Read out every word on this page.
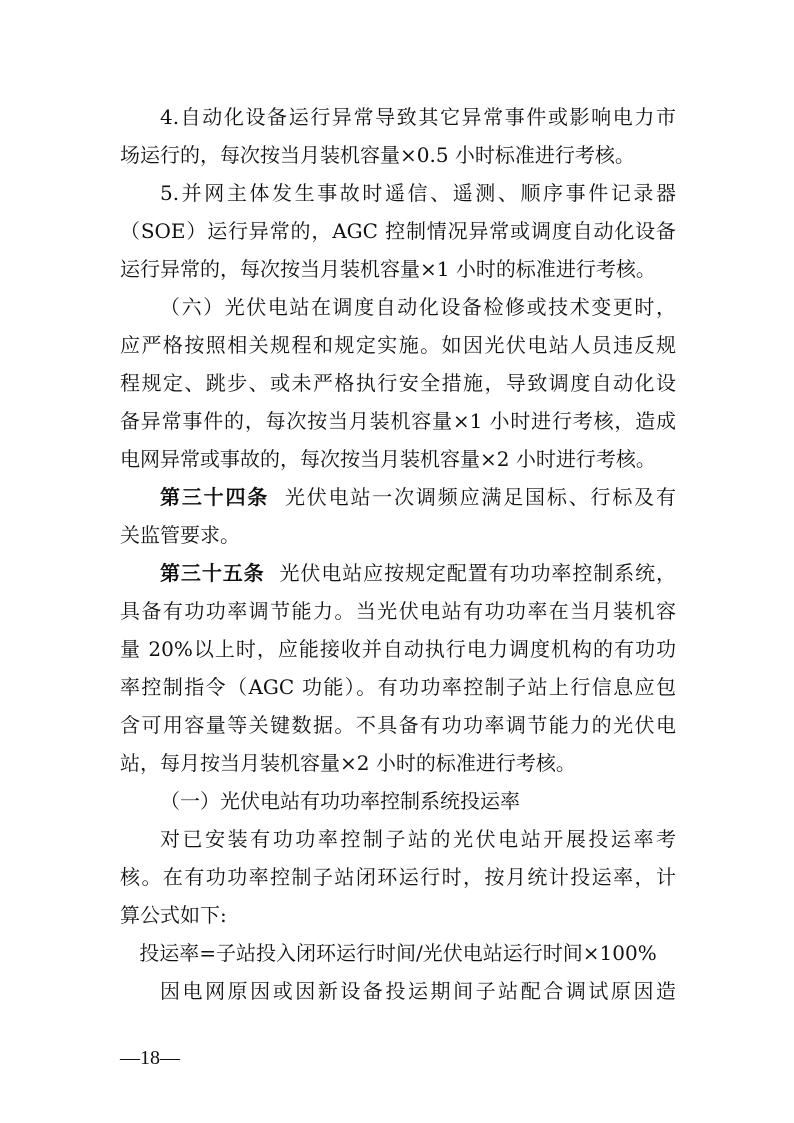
4.自动化设备运行异常导致其它异常事件或影响电力市
场运行的，每次按当月装机容量×0.5 小时标准进行考核。
5.并网主体发生事故时遥信、遥测、顺序事件记录器
（SOE）运行异常的，AGC 控制情况异常或调度自动化设备
运行异常的，每次按当月装机容量×1 小时的标准进行考核。
（六）光伏电站在调度自动化设备检修或技术变更时，
应严格按照相关规程和规定实施。如因光伏电站人员违反规
程规定、跳步、或未严格执行安全措施，导致调度自动化设
备异常事件的，每次按当月装机容量×1 小时进行考核，造成
电网异常或事故的，每次按当月装机容量×2 小时进行考核。
第三十四条 光伏电站一次调频应满足国标、行标及有
关监管要求。
第三十五条 光伏电站应按规定配置有功功率控制系统，
具备有功功率调节能力。当光伏电站有功功率在当月装机容
量 20%以上时，应能接收并自动执行电力调度机构的有功功
率控制指令（AGC 功能）。有功功率控制子站上行信息应包
含可用容量等关键数据。不具备有功功率调节能力的光伏电
站，每月按当月装机容量×2 小时的标准进行考核。
（一）光伏电站有功功率控制系统投运率
对已安装有功功率控制子站的光伏电站开展投运率考
核。在有功功率控制子站闭环运行时，按月统计投运率，计
算公式如下:
投运率=子站投入闭环运行时间/光伏电站运行时间×100%
因电网原因或因新设备投运期间子站配合调试原因造
—18—
